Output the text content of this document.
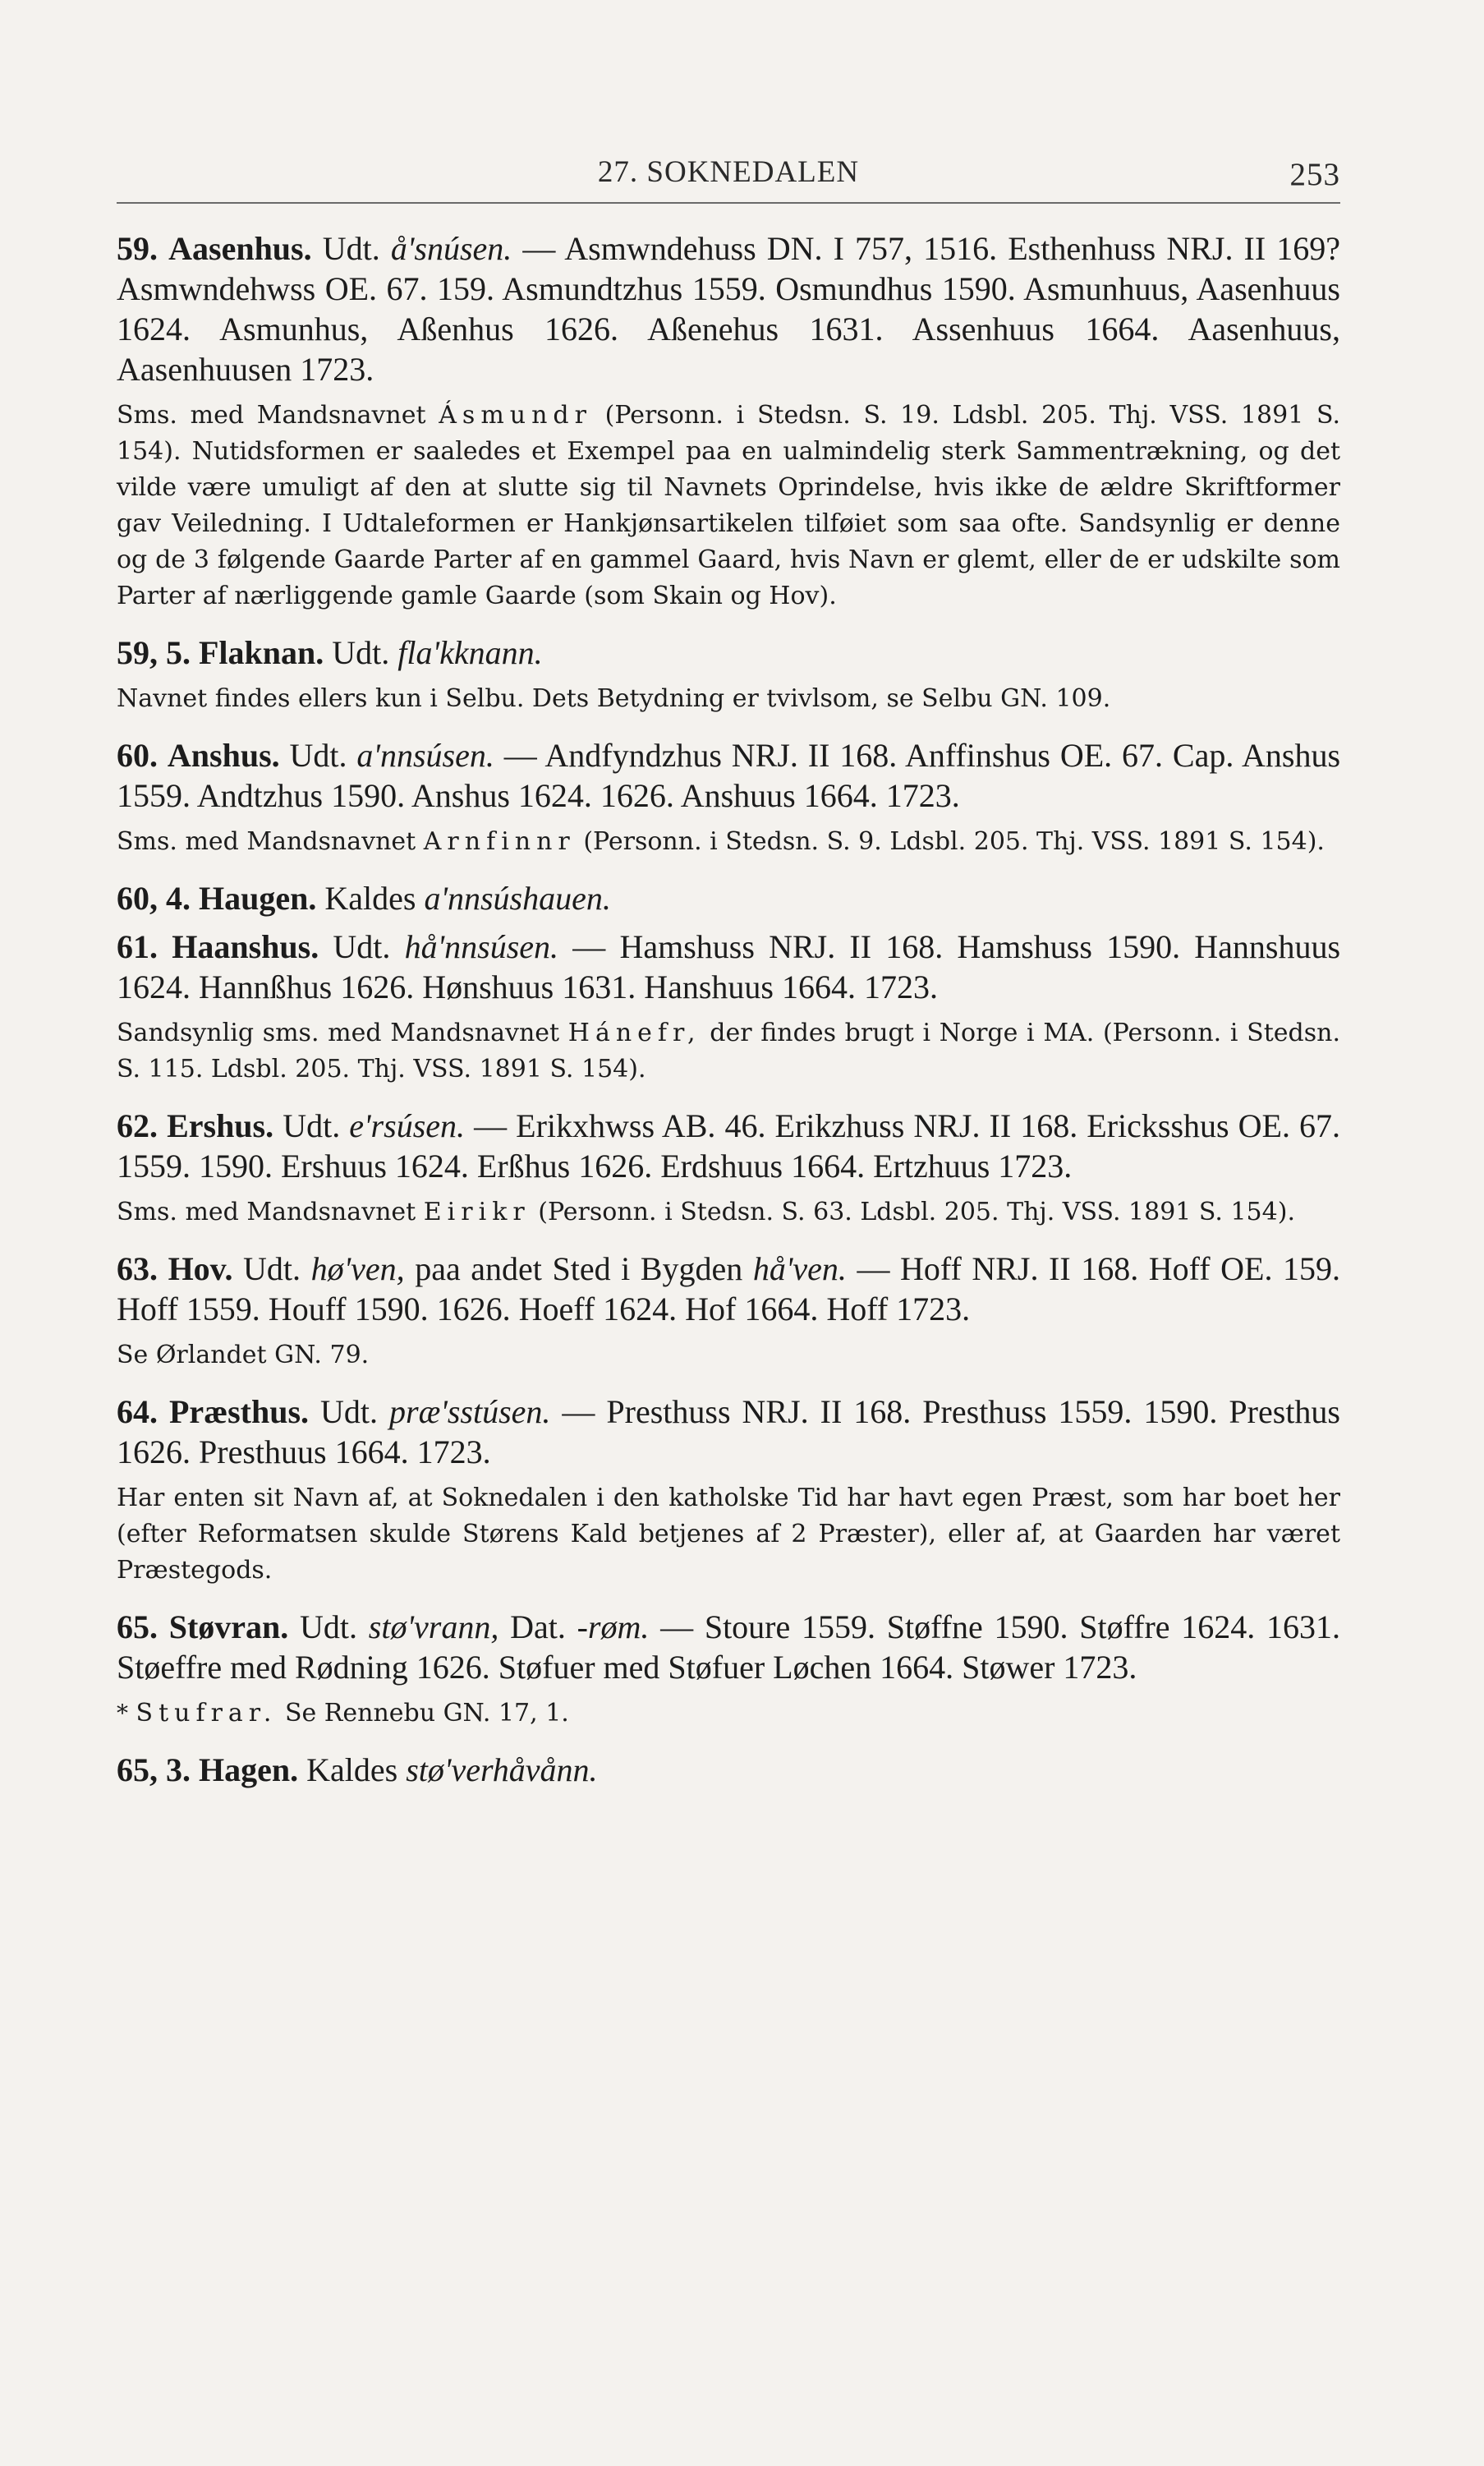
27. SOKNEDALEN	253

59. Aasenhus. Udt. å'snúsen. — Asmwndehuss DN. I 757, 1516. Esthenhuss NRJ. II 169? Asmwndehwss OE. 67. 159. Asmundtzhus 1559. Osmundhus 1590. Asmunhuus, Aasenhuus 1624. Asmunhus, Aßenhus 1626. Aßenehus 1631. Assenhuus 1664. Aasenhuus, Aasenhuusen 1723.

Sms. med Mandsnavnet Ásmundr (Personn. i Stedsn. S. 19. Ldsbl. 205. Thj. VSS. 1891 S. 154). Nutidsformen er saaledes et Exempel paa en ualmindelig sterk Sammentrækning, og det vilde være umuligt af den at slutte sig til Navnets Oprindelse, hvis ikke de ældre Skriftformer gav Veiledning. I Udtaleformen er Hankjønsartikelen tilføiet som saa ofte. Sandsynlig er denne og de 3 følgende Gaarde Parter af en gammel Gaard, hvis Navn er glemt, eller de er udskilte som Parter af nærliggende gamle Gaarde (som Skain og Hov).

59, 5. Flaknan. Udt. fla'kknann.

Navnet findes ellers kun i Selbu. Dets Betydning er tvivlsom, se Selbu GN. 109.

60. Anshus. Udt. a'nnsúsen. — Andfyndzhus NRJ. II 168. Anffinshus OE. 67. Cap. Anshus 1559. Andtzhus 1590. Anshus 1624. 1626. Anshuus 1664. 1723.

Sms. med Mandsnavnet Arnfinnr (Personn. i Stedsn. S. 9. Ldsbl. 205. Thj. VSS. 1891 S. 154).

60, 4. Haugen. Kaldes a'nnsúshauen.

61. Haanshus. Udt. hå'nnsúsen. — Hamshuss NRJ. II 168. Hamshuss 1590. Hannshuus 1624. Hannßhus 1626. Hønshuus 1631. Hanshuus 1664. 1723.

Sandsynlig sms. med Mandsnavnet Hánefr, der findes brugt i Norge i MA. (Personn. i Stedsn. S. 115. Ldsbl. 205. Thj. VSS. 1891 S. 154).

62. Ershus. Udt. e'rsúsen. — Erikxhwss AB. 46. Erikzhuss NRJ. II 168. Ericksshus OE. 67. 1559. 1590. Ershuus 1624. Erßhus 1626. Erdshuus 1664. Ertzhuus 1723.

Sms. med Mandsnavnet Eirikr (Personn. i Stedsn. S. 63. Ldsbl. 205. Thj. VSS. 1891 S. 154).

63. Hov. Udt. hø'ven, paa andet Sted i Bygden hå'ven. — Hoff NRJ. II 168. Hoff OE. 159. Hoff 1559. Houff 1590. 1626. Hoeff 1624. Hof 1664. Hoff 1723.

Se Ørlandet GN. 79.

64. Præsthus. Udt. præ'sstúsen. — Presthuss NRJ. II 168. Presthuss 1559. 1590. Presthus 1626. Presthuus 1664. 1723.

Har enten sit Navn af, at Soknedalen i den katholske Tid har havt egen Præst, som har boet her (efter Reformatsen skulde Størens Kald betjenes af 2 Præster), eller af, at Gaarden har været Præstegods.

65. Støvran. Udt. stø'vrann, Dat. -røm. — Stoure 1559. Støffne 1590. Støffre 1624. 1631. Støeffre med Rødning 1626. Støfuer med Støfuer Løchen 1664. Støwer 1723.

* Stufrar. Se Rennebu GN. 17, 1.

65, 3. Hagen. Kaldes stø'verhåvånn.
